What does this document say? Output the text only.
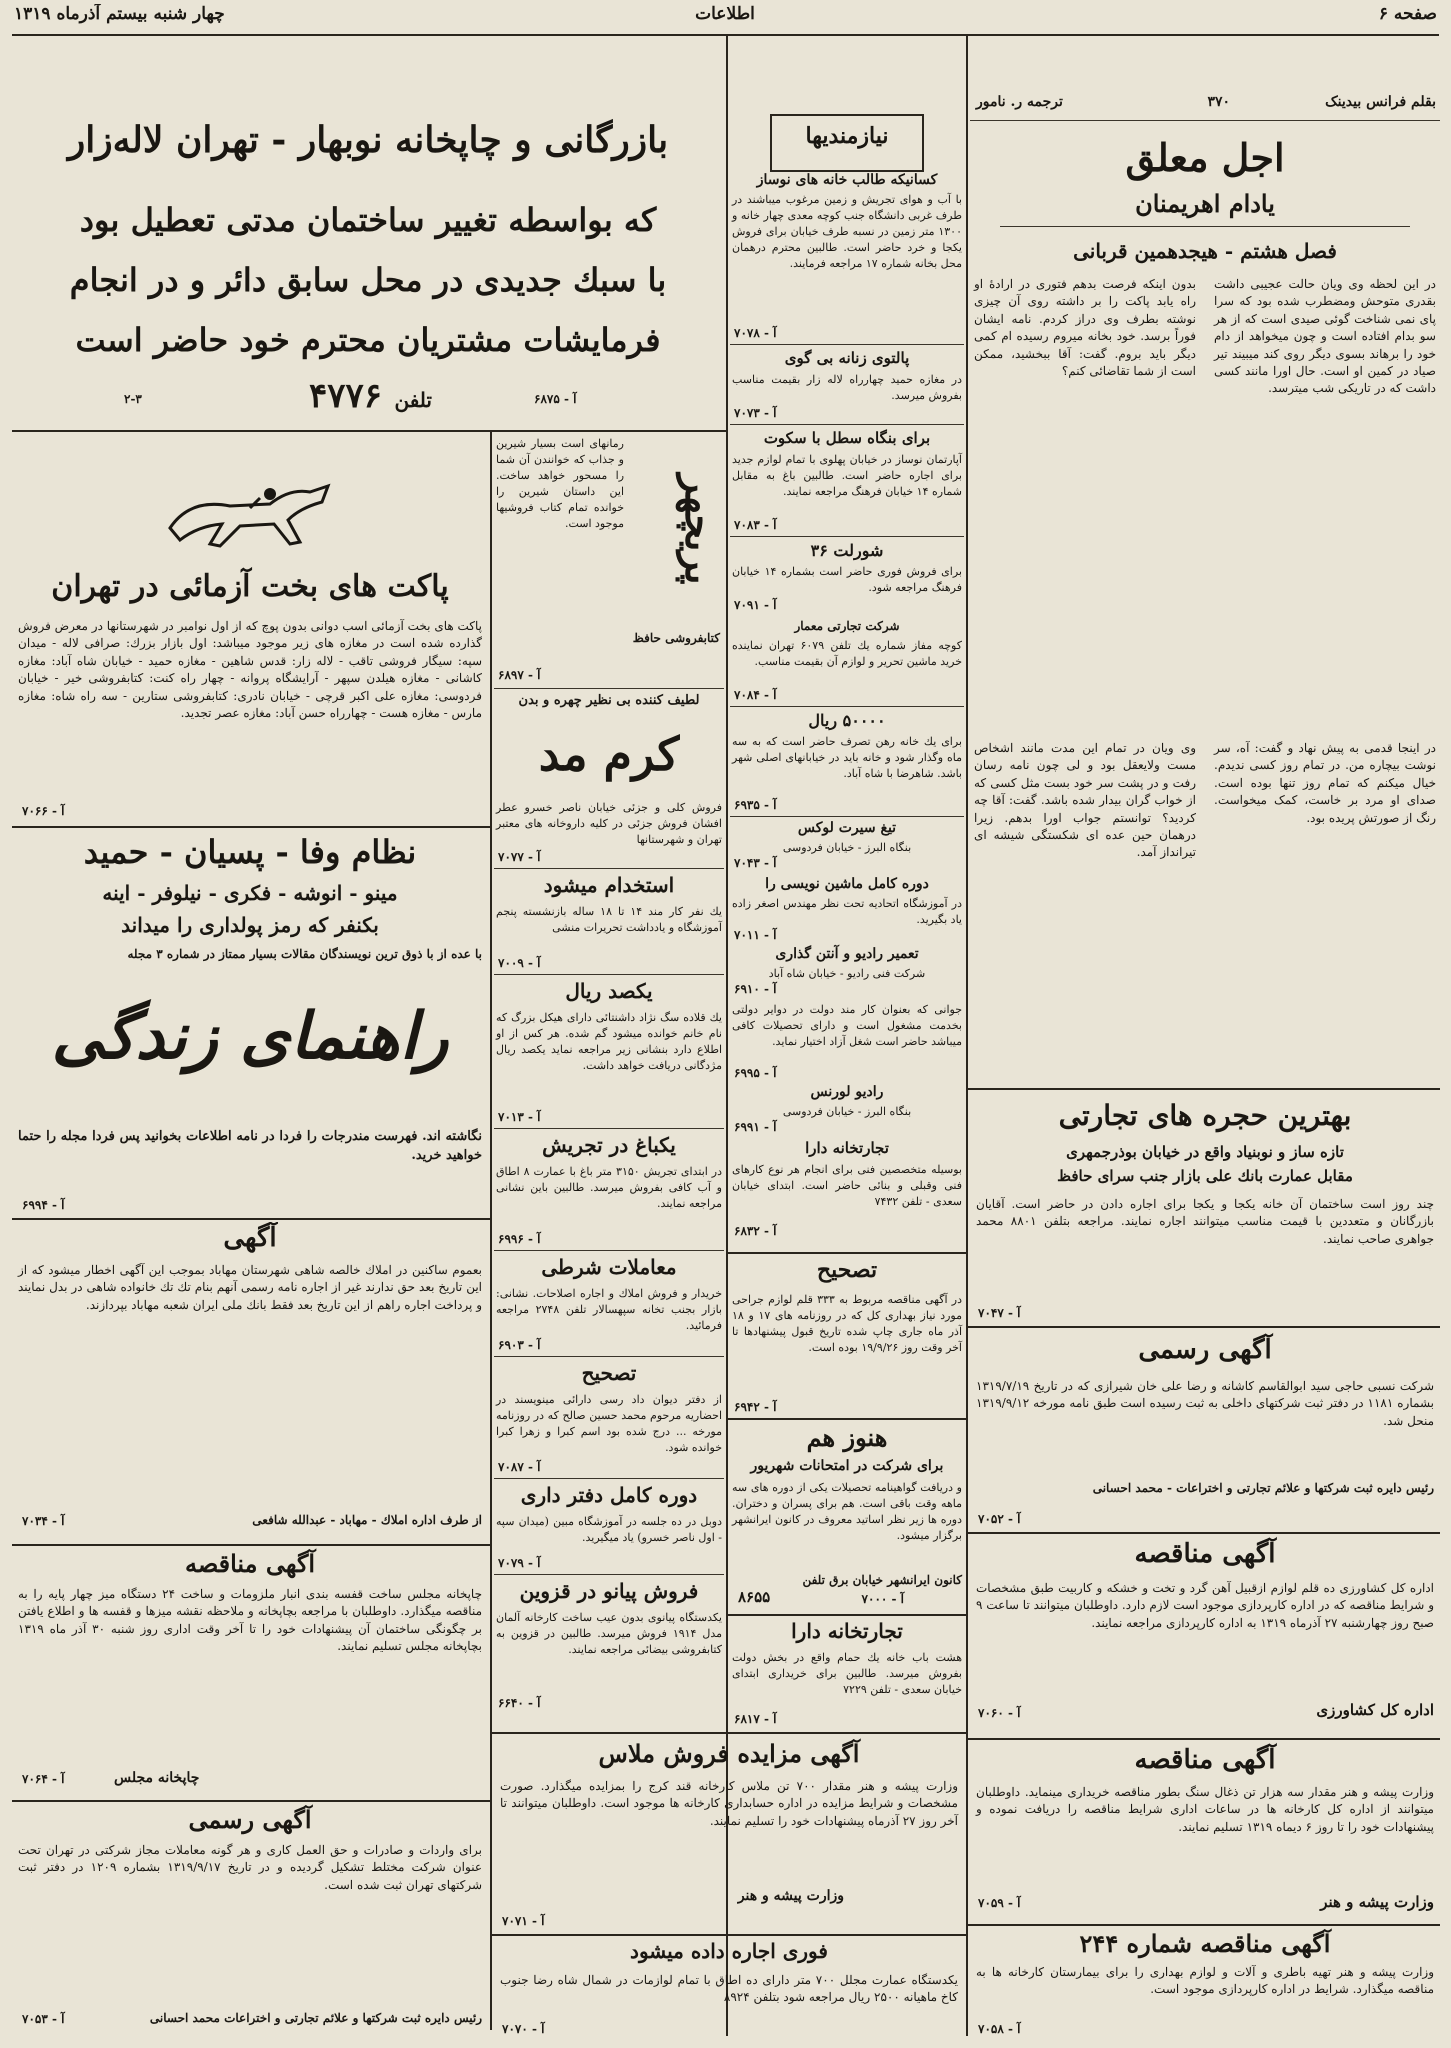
صفحه ۶
اطلاعات
چهار شنبه بیستم آذرماه ۱۳۱۹
بقلم فرانس بیدینک
۳۷۰
ترجمه ر. نامور
اجل معلق
یادام اهریمنان
فصل هشتم - هیجدهمین قربانی
در این لحظه وی ویان حالت عجیبی داشت بقدری متوحش ومضطرب شده بود که سرا پای نمی شناخت گوئی صیدی است که از هر سو بدام افتاده است و چون میخواهد از دام خود را برهاند بسوی دیگر روی کند میبیند تیر صیاد در کمین او است. حال اورا مانند کسی داشت که در تاریکی شب میترسد.
بدون اینکه فرصت بدهم فتوری در ارادهٔ او راه یابد پاکت را بر داشته روی آن چیزی نوشته بطرف وی دراز کردم. نامه ایشان فوراً برسد. خود بخانه میروم رسیده ام کمی دیگر باید بروم. گفت: آقا ببخشید، ممکن است از شما تقاضائی کنم؟
وی ویان در تمام این مدت مانند اشخاص مست ولایعقل بود و لی چون نامه رسان رفت و در پشت سر خود بست مثل کسی که از خواب گران بیدار شده باشد. گفت: آقا چه کردید؟ توانستم جواب اورا بدهم. زیرا درهمان حین عده ای شکستگی شیشه ای تیرانداز آمد.
در اینجا قدمی به پیش نهاد و گفت: آه، سر نوشت بیچاره من. در تمام روز کسی ندیدم. خیال میکنم که تمام روز تنها بوده است. صدای او مرد بر خاست، کمک میخواست. رنگ از صورتش پریده بود.
بهترین حجره های تجارتی
تازه ساز و نوبنیاد واقع در خیابان بوذرجمهری
مقابل عمارت بانك علی بازار جنب سرای حافظ
چند روز است ساختمان آن خانه یکجا و یکجا برای اجاره دادن در حاضر است. آقایان بازرگانان و متعددین با قیمت مناسب میتوانند اجاره نمایند. مراجعه بتلفن ۸۸۰۱ محمد جواهری صاحب نمایند.
آ - ۷۰۴۷
آگهی رسمی
شرکت نسبی حاجی سید ابوالقاسم کاشانه و رضا علی خان شیرازی که در تاریخ ۱۳۱۹/۷/۱۹ بشماره ۱۱۸۱ در دفتر ثبت شرکتهای داخلی به ثبت رسیده است طبق نامه مورخه ۱۳۱۹/۹/۱۲ منحل شد.
رئیس دایره ثبت شرکتها و علائم تجارتی و اختراعات - محمد احسانی
آ - ۷۰۵۲
آگهی مناقصه
اداره کل کشاورزی ده قلم لوازم ازقبیل آهن گرد و تخت و خشکه و کاربیت طبق مشخصات و شرایط مناقصه که در اداره کارپردازی موجود است لازم دارد. داوطلبان میتوانند تا ساعت ۹ صبح روز چهارشنبه ۲۷ آذرماه ۱۳۱۹ به اداره کارپردازی مراجعه نمایند.
اداره کل کشاورزی
آ - ۷۰۶۰
آگهی مناقصه
وزارت پیشه و هنر مقدار سه هزار تن ذغال سنگ بطور مناقصه خریداری مینماید. داوطلبان میتوانند از اداره کل کارخانه ها در ساعات اداری شرایط مناقصه را دریافت نموده و پیشنهادات خود را تا روز ۶ دیماه ۱۳۱۹ تسلیم نمایند.
وزارت پیشه و هنر
آ - ۷۰۵۹
آگهی مناقصه شماره ۲۴۴
وزارت پیشه و هنر تهیه باطری و آلات و لوازم بهداری را برای بیمارستان کارخانه ها به مناقصه میگذارد. شرایط در اداره کارپردازی موجود است.
آ - ۷۰۵۸
نیازمندیها
کسانیکه طالب خانه های نوساز
با آب و هوای تجریش و زمین مرغوب میباشند در طرف غربی دانشگاه جنب کوچه معدی چهار خانه و ۱۳۰۰ متر زمین در نسبه طرف خیابان برای فروش یکجا و خرد حاضر است. طالبین محترم درهمان محل بخانه شماره ۱۷ مراجعه فرمایند.
آ - ۷۰۷۸
پالتوی زنانه بی گوی
در مغازه حمید چهارراه لاله زار بقیمت مناسب بفروش میرسد.
آ - ۷۰۷۳
برای بنگاه سطل با سکوت
آپارتمان نوساز در خیابان پهلوی با تمام لوازم جدید برای اجاره حاضر است. طالبین باغ به مقابل شماره ۱۴ خیابان فرهنگ مراجعه نمایند.
آ - ۷۰۸۳
شورلت ۳۶
برای فروش فوری حاضر است بشماره ۱۴ خیابان فرهنگ مراجعه شود.
آ - ۷۰۹۱
شرکت تجارتی معمار
کوچه مفاز شماره یك تلفن ۶۰۷۹ تهران نماینده خرید ماشین تحریر و لوازم آن بقیمت مناسب.
آ - ۷۰۸۴
۵۰۰۰۰ ریال
برای یك خانه رهن تصرف حاضر است که به سه ماه وگذار شود و خانه باید در خیابانهای اصلی شهر باشد. شاهرضا با شاه آباد.
آ - ۶۹۳۵
تیغ سیرت لوکس
بنگاه البرز - خیابان فردوسی
آ - ۷۰۴۳
دوره کامل ماشین نویسی را
در آموزشگاه اتحادیه تحت نظر مهندس اصغر زاده یاد بگیرید.
آ - ۷۰۱۱
تعمیر رادیو و آنتن گذاری
شرکت فنی رادیو - خیابان شاه آباد
آ - ۶۹۱۰
جوانی که بعنوان کار مند دولت در دوایر دولتی بخدمت مشغول است و دارای تحصیلات کافی میباشد حاضر است شغل آزاد اختیار نماید.
آ - ۶۹۹۵
رادیو لورنس
بنگاه البرز - خیابان فردوسی
آ - ۶۹۹۱
تجارتخانه دارا
بوسیله متخصصین فنی برای انجام هر نوع کارهای فنی وقبلی و بنائی حاضر است. ابتدای خیابان سعدی - تلفن ۷۴۳۲
آ - ۶۸۳۲
تصحیح
در آگهی مناقصه مربوط به ۳۳۳ قلم لوازم جراحی مورد نیاز بهداری کل که در روزنامه های ۱۷ و ۱۸ آذر ماه جاری چاپ شده تاریخ قبول پیشنهادها تا آخر وقت روز ۱۹/۹/۲۶ بوده است.
آ - ۶۹۴۲
هنوز هم
برای شرکت در امتحانات شهریور
و دریافت گواهینامه تحصیلات یکی از دوره های سه ماهه وقت باقی است. هم برای پسران و دختران. دوره ها زیر نظر اساتید معروف در کانون ایرانشهر برگزار میشود.
کانون ایرانشهر خیابان برق تلفن
آ - ۷۰۰۰
۸۶۵۵
تجارتخانه دارا
هشت باب خانه یك حمام واقع در بخش دولت بفروش میرسد. طالبین برای خریداری ابتدای خیابان سعدی - تلفن ۷۲۲۹
آ - ۶۸۱۷
آگهی مزایده فروش ملاس
وزارت پیشه و هنر مقدار ۷۰۰ تن ملاس کارخانه قند کرج را بمزایده میگذارد. صورت مشخصات و شرایط مزایده در اداره حسابداری کارخانه ها موجود است. داوطلبان میتوانند تا آخر روز ۲۷ آذرماه پیشنهادات خود را تسلیم نمایند.
وزارت پیشه و هنر
آ - ۷۰۷۱
فوری اجاره داده میشود
یکدستگاه عمارت مجلل ۷۰۰ متر دارای ده اطاق با تمام لوازمات در شمال شاه رضا جنوب کاخ ماهیانه ۲۵۰۰ ریال مراجعه شود بتلفن ۸۹۲۴
آ - ۷۰۷۰
بازرگانی و چاپخانه نوبهار - تهران لاله‌زار
که بواسطه تغییر ساختمان مدتی تعطیل بود
با سبك جدیدی در محل سابق دائر و در انجام
فرمایشات مشتریان محترم خود حاضر است
تلفن
۴۷۷۶	آ - ۶۸۷۵
۲-۳
رمانهای است بسیار شیرین و جذاب که خوانندن آن شما را مسحور خواهد ساخت. این داستان شیرین را خوانده تمام کتاب فروشیها موجود است.	پریچهر
کتابفروشی حافظ
آ - ۶۸۹۷
لطیف کننده بی نظیر چهره و بدن
کرم مد
فروش کلی و جزئی خیابان ناصر خسرو عطر افشان فروش جزئی در کلیه داروخانه های معتبر تهران و شهرستانها
آ - ۷۰۷۷
استخدام میشود
یك نفر کار مند ۱۴ تا ۱۸ ساله بازنشسته پنجم آموزشگاه و یادداشت تحریرات منشی
آ - ۷۰۰۹
یکصد ریال
یك قلاده سگ نژاد داشنتائی دارای هیکل بزرگ که نام خانم خوانده میشود گم شده. هر کس از او اطلاع دارد بنشانی زیر مراجعه نماید یکصد ریال مژدگانی دریافت خواهد داشت.
آ - ۷۰۱۳
یکباغ در تجریش
در ابتدای تجریش ۳۱۵۰ متر باغ با عمارت ۸ اطاق و آب کافی بفروش میرسد. طالبین باین نشانی مراجعه نمایند.
آ - ۶۹۹۶
معاملات شرطی
خریدار و فروش املاك و اجاره اصلاحات. نشانی: بازار بجنب تخانه سپهسالار تلفن ۲۷۴۸ مراجعه فرمائید.
آ - ۶۹۰۳
تصحیح
از دفتر دیوان داد رسی دارائی مینویسند در احضاریه مرحوم محمد حسین صالح که در روزنامه مورخه ... درج شده بود اسم کبرا و زهرا کبرا خوانده شود.
آ - ۷۰۸۷
دوره کامل دفتر داری
دوبل در ده جلسه در آموزشگاه مبین (میدان سپه - اول ناصر خسرو) یاد میگیرید.
آ - ۷۰۷۹
فروش پیانو در قزوین
یکدستگاه پیانوی بدون عیب ساخت کارخانه آلمان مدل ۱۹۱۴ فروش میرسد. طالبین در قزوین به کتابفروشی بیضائی مراجعه نمایند.
آ - ۶۶۴۰
پاکت های بخت آزمائی در تهران
پاکت های بخت آزمائی اسب دوانی بدون پوچ که از اول نوامبر در شهرستانها در معرض فروش گذارده شده است در مغازه های زیر موجود میباشد: اول بازار بزرك: صرافی لاله - میدان سپه: سیگار فروشی تاقب - لاله زار: قدس شاهین - مغازه حمید - خیابان شاه آباد: مغازه کاشانی - مغازه هیلدن سپهر - آرایشگاه پروانه - چهار راه کنت: کتابفروشی خیر - خیابان فردوسی: مغازه علی اکبر قرچی - خیابان نادری: کتابفروشی ستارین - سه راه شاه: مغازه مارس - مغازه هست - چهارراه حسن آباد: مغازه عصر تجدید.
آ - ۷۰۶۶
نظام وفا - پسیان - حمید
مینو - انوشه - فکری - نیلوفر - اینه
بکنفر که رمز پولداری را میداند
با عده از با ذوق ترین نویسندگان مقالات بسیار ممتاز در شماره ۳ مجله
راهنمای زندگی
نگاشته اند. فهرست مندرجات را فردا در نامه اطلاعات بخوانید پس فردا مجله را حتما خواهید خرید.
آ - ۶۹۹۴
آگهی
بعموم ساکنین در املاك خالصه شاهی شهرستان مهاباد بموجب این آگهی اخطار میشود که از این تاریخ بعد حق ندارند غیر از اجاره نامه رسمی آنهم بنام تك تك خانواده شاهی در بدل نمایند و پرداخت اجاره راهم از این تاریخ بعد فقط بانك ملی ایران شعبه مهاباد بپردازند.
از طرف اداره املاك - مهاباد - عبدالله شافعی
آ - ۷۰۳۴
آگهی مناقصه
چاپخانه مجلس ساخت قفسه بندی انبار ملزومات و ساخت ۲۴ دستگاه میز چهار پایه را به مناقصه میگذارد. داوطلبان با مراجعه بچاپخانه و ملاحظه نقشه میزها و قفسه ها و اطلاع یافتن بر چگونگی ساختمان آن پیشنهادات خود را تا آخر وقت اداری روز شنبه ۳۰ آذر ماه ۱۳۱۹ بچاپخانه مجلس تسلیم نمایند.
چاپخانه مجلس
آ - ۷۰۶۴
آگهی رسمی
برای واردات و صادرات و حق العمل کاری و هر گونه معاملات مجاز شرکتی در تهران تحت عنوان شرکت مختلط تشکیل گردیده و در تاریخ ۱۳۱۹/۹/۱۷ بشماره ۱۲۰۹ در دفتر ثبت شرکتهای تهران ثبت شده است.
رئیس دایره ثبت شرکتها و علائم تجارتی و اختراعات محمد احسانی
آ - ۷۰۵۳
